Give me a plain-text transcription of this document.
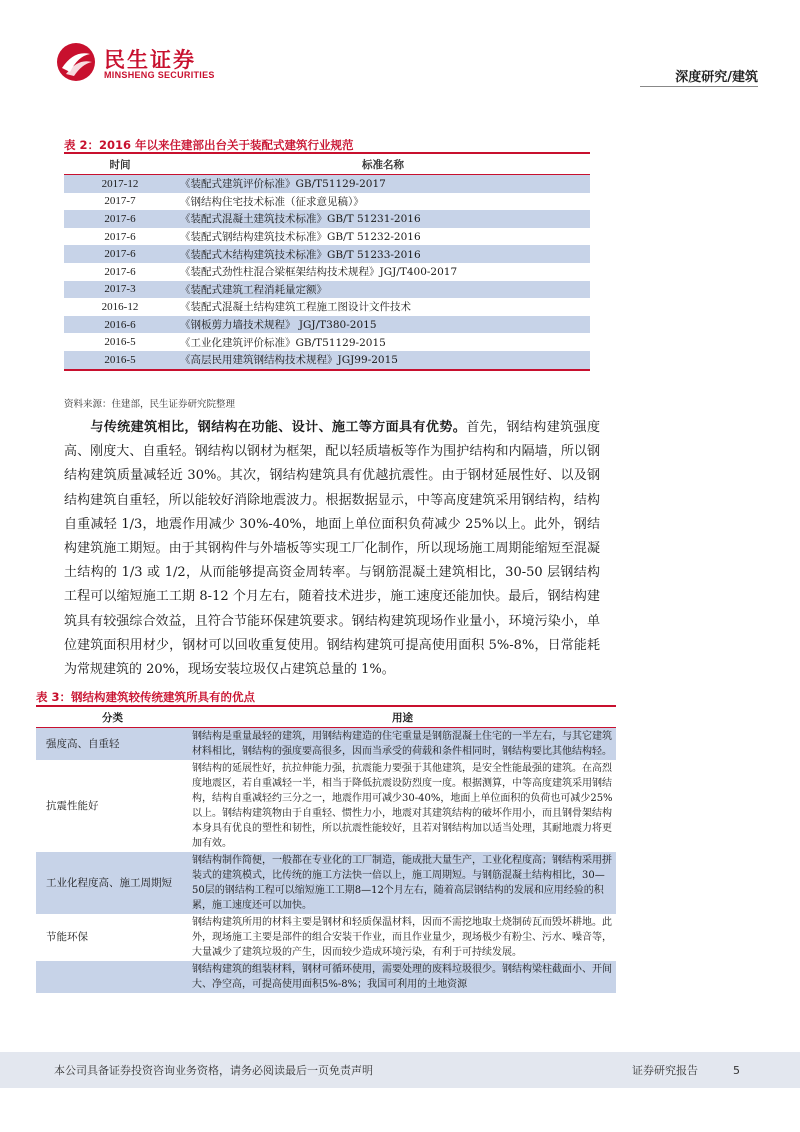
民生证券
MINSHENG SECURITIES	深度研究/建筑
表 2：2016 年以来住建部出台关于装配式建筑行业规范
时间	标准名称
2017-12	《装配式建筑评价标准》GB/T51129-2017
2017-7	《钢结构住宅技术标准（征求意见稿）》
2017-6	《装配式混凝土建筑技术标准》GB/T 51231-2016
2017-6	《装配式钢结构建筑技术标准》GB/T 51232-2016
2017-6	《装配式木结构建筑技术标准》GB/T 51233-2016
2017-6	《装配式劲性柱混合梁框架结构技术规程》JGJ/T400-2017
2017-3	《装配式建筑工程消耗量定额》
2016-12	《装配式混凝土结构建筑工程施工图设计文件技术
2016-6	《钢板剪力墙技术规程》 JGJ/T380-2015
2016-5	《工业化建筑评价标准》GB/T51129-2015
2016-5	《高层民用建筑钢结构技术规程》JGJ99-2015
资料来源：住建部，民生证券研究院整理
与传统建筑相比，钢结构在功能、设计、施工等方面具有优势。首先，钢结构建筑强度高、刚度大、自重轻。钢结构以钢材为框架，配以轻质墙板等作为围护结构和内隔墙，所以钢结构建筑质量减轻近 30%。其次，钢结构建筑具有优越抗震性。由于钢材延展性好、以及钢结构建筑自重轻，所以能较好消除地震波力。根据数据显示，中等高度建筑采用钢结构，结构自重减轻 1/3，地震作用减少 30%-40%，地面上单位面积负荷减少 25%以上。此外，钢结构建筑施工期短。由于其钢构件与外墙板等实现工厂化制作，所以现场施工周期能缩短至混凝土结构的 1/3 或 1/2，从而能够提高资金周转率。与钢筋混凝土建筑相比，30-50 层钢结构工程可以缩短施工工期 8-12 个月左右，随着技术进步，施工速度还能加快。最后，钢结构建筑具有较强综合效益，且符合节能环保建筑要求。钢结构建筑现场作业量小，环境污染小，单位建筑面积用材少，钢材可以回收重复使用。钢结构建筑可提高使用面积 5%-8%，日常能耗为常规建筑的 20%，现场安装垃圾仅占建筑总量的 1%。
表 3：钢结构建筑较传统建筑所具有的优点
分类	用途
强度高、自重轻	钢结构是重量最轻的建筑，用钢结构建造的住宅重量是钢筋混凝土住宅的一半左右，与其它建筑材料相比，钢结构的强度要高很多，因而当承受的荷载和条件相同时，钢结构要比其他结构轻。
抗震性能好	钢结构的延展性好，抗拉伸能力强，抗震能力要强于其他建筑，是安全性能最强的建筑。在高烈度地震区，若自重减轻一半，相当于降低抗震设防烈度一度。根据测算，中等高度建筑采用钢结构，结构自重减轻约三分之一，地震作用可减少30-40%，地面上单位面积的负荷也可减少25%以上。钢结构建筑物由于自重轻、惯性力小，地震对其建筑结构的破坏作用小，而且钢骨架结构本身具有优良的塑性和韧性，所以抗震性能较好，且若对钢结构加以适当处理，其耐地震力将更加有效。
工业化程度高、施工周期短	钢结构制作简便，一般都在专业化的工厂制造，能成批大量生产，工业化程度高；钢结构采用拼装式的建筑模式，比传统的施工方法快一倍以上，施工周期短。与钢筋混凝土结构相比，30—50层的钢结构工程可以缩短施工工期8—12个月左右，随着高层钢结构的发展和应用经验的积累，施工速度还可以加快。
节能环保	钢结构建筑所用的材料主要是钢材和轻质保温材料，因而不需挖地取土烧制砖瓦而毁坏耕地。此外，现场施工主要是部件的组合安装干作业，而且作业量少，现场极少有粉尘、污水、噪音等，大量减少了建筑垃圾的产生，因而较少造成环境污染，有利于可持续发展。
	钢结构建筑的组装材料，钢材可循环使用，需要处理的废料垃圾很少。钢结构梁柱截面小、开间大、净空高，可提高使用面积5%-8%；我国可利用的土地资源
本公司具备证券投资咨询业务资格，请务必阅读最后一页免责声明	证券研究报告	5
